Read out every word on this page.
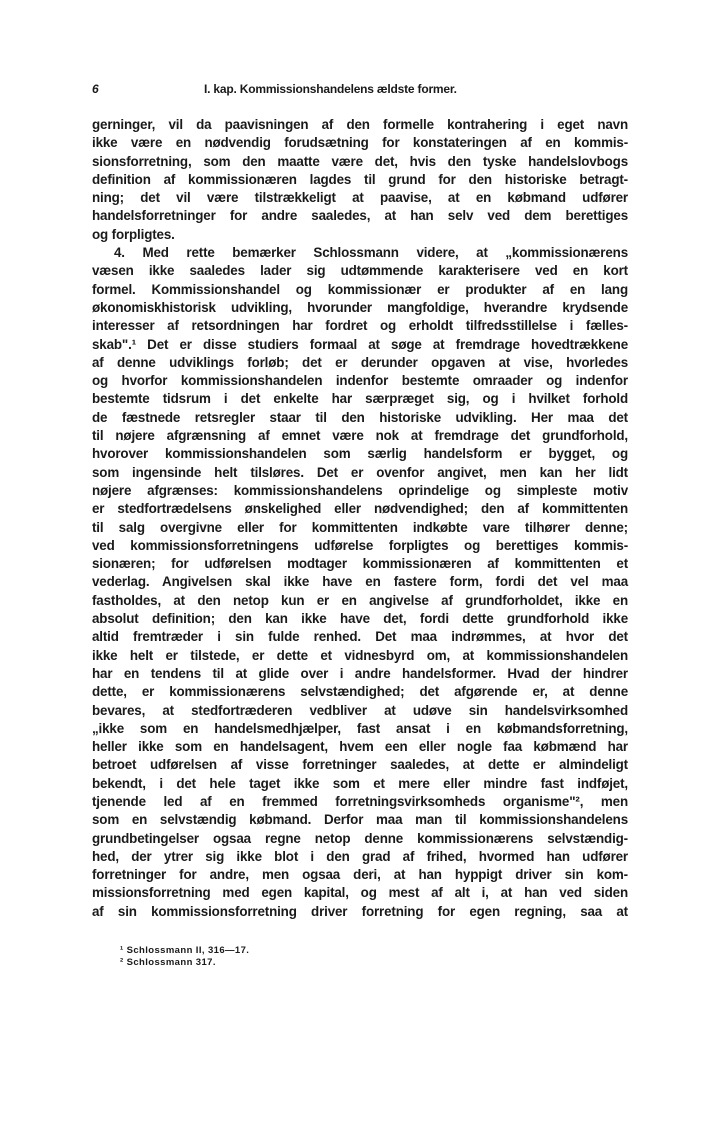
6	I. kap. Kommissionshandelens ældste former.
gerninger, vil da paavisningen af den formelle kontrahering i eget navn
ikke være en nødvendig forudsætning for konstateringen af en kommis-
sionsforretning, som den maatte være det, hvis den tyske handelslovbogs
definition af kommissionæren lagdes til grund for den historiske betragt-
ning; det vil være tilstrækkeligt at paavise, at en købmand udfører
handelsforretninger for andre saaledes, at han selv ved dem berettiges
og forpligtes.
4. Med rette bemærker Schlossmann videre, at „kommissionærens
væsen ikke saaledes lader sig udtømmende karakterisere ved en kort
formel. Kommissionshandel og kommissionær er produkter af en lang
økonomiskhistorisk udvikling, hvorunder mangfoldige, hverandre krydsende
interesser af retsordningen har fordret og erholdt tilfredsstillelse i fælles-
skab".¹ Det er disse studiers formaal at søge at fremdrage hovedtrækkene
af denne udviklings forløb; det er derunder opgaven at vise, hvorledes
og hvorfor kommissionshandelen indenfor bestemte omraader og indenfor
bestemte tidsrum i det enkelte har særpræget sig, og i hvilket forhold
de fæstnede retsregler staar til den historiske udvikling. Her maa det
til nøjere afgrænsning af emnet være nok at fremdrage det grundforhold,
hvorover kommissionshandelen som særlig handelsform er bygget, og
som ingensinde helt tilsløres. Det er ovenfor angivet, men kan her lidt
nøjere afgrænses: kommissionshandelens oprindelige og simpleste motiv
er stedfortrædelsens ønskelighed eller nødvendighed; den af kommittenten
til salg overgivne eller for kommittenten indkøbte vare tilhører denne;
ved kommissionsforretningens udførelse forpligtes og berettiges kommis-
sionæren; for udførelsen modtager kommissionæren af kommittenten et
vederlag. Angivelsen skal ikke have en fastere form, fordi det vel maa
fastholdes, at den netop kun er en angivelse af grundforholdet, ikke en
absolut definition; den kan ikke have det, fordi dette grundforhold ikke
altid fremtræder i sin fulde renhed. Det maa indrømmes, at hvor det
ikke helt er tilstede, er dette et vidnesbyrd om, at kommissionshandelen
har en tendens til at glide over i andre handelsformer. Hvad der hindrer
dette, er kommissionærens selvstændighed; det afgørende er, at denne
bevares, at stedfortræderen vedbliver at udøve sin handelsvirksomhed
„ikke som en handelsmedhjælper, fast ansat i en købmandsforretning,
heller ikke som en handelsagent, hvem een eller nogle faa købmænd har
betroet udførelsen af visse forretninger saaledes, at dette er almindeligt
bekendt, i det hele taget ikke som et mere eller mindre fast indføjet,
tjenende led af en fremmed forretningsvirksomheds organisme"², men
som en selvstændig købmand. Derfor maa man til kommissionshandelens
grundbetingelser ogsaa regne netop denne kommissionærens selvstændig-
hed, der ytrer sig ikke blot i den grad af frihed, hvormed han udfører
forretninger for andre, men ogsaa deri, at han hyppigt driver sin kom-
missionsforretning med egen kapital, og mest af alt i, at han ved siden
af sin kommissionsforretning driver forretning for egen regning, saa at
¹ Schlossmann II, 316—17.
² Schlossmann 317.
